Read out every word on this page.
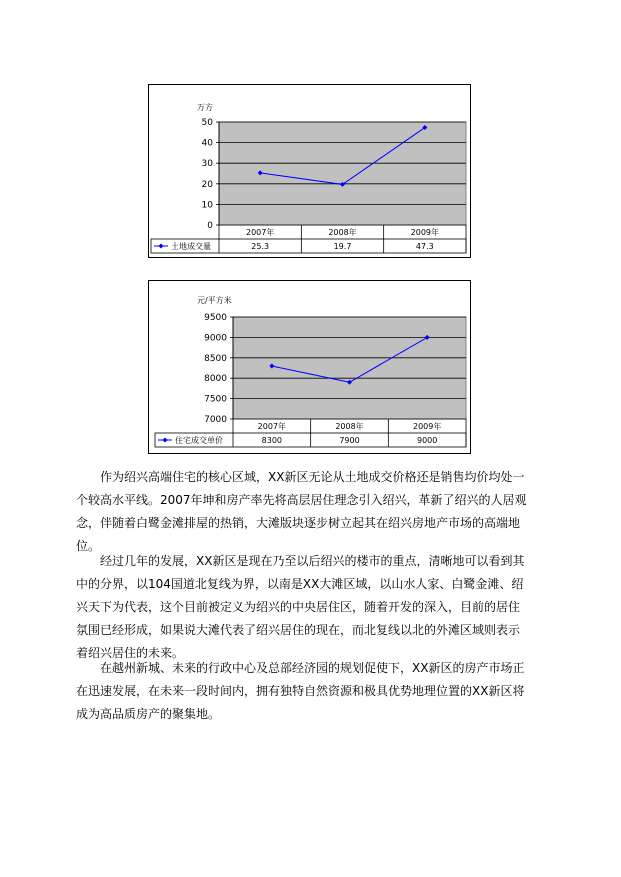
万方
0
10
20
30
40
50
2007年	2008年	2009年
土地成交量	25.3	19.7	47.3
元/平方米
7000
7500
8000
8500
9000
9500
2007年	2008年	2009年
住宅成交单价	8300	7900	9000
作为绍兴高端住宅的核心区域，XX新区无论从土地成交价格还是销售均价均处一
个较高水平线。2007年坤和房产率先将高层居住理念引入绍兴，革新了绍兴的人居观
念，伴随着白鹭金滩排屋的热销，大滩版块逐步树立起其在绍兴房地产市场的高端地
位。
经过几年的发展，XX新区是现在乃至以后绍兴的楼市的重点，清晰地可以看到其
中的分界，以104国道北复线为界，以南是XX大滩区域，以山水人家、白鹭金滩、绍
兴天下为代表，这个目前被定义为绍兴的中央居住区，随着开发的深入，目前的居住
氛围已经形成，如果说大滩代表了绍兴居住的现在，而北复线以北的外滩区域则表示
着绍兴居住的未来。
在越州新城、未来的行政中心及总部经济园的规划促使下，XX新区的房产市场正
在迅速发展，在未来一段时间内，拥有独特自然资源和极具优势地理位置的XX新区将
成为高品质房产的聚集地。
